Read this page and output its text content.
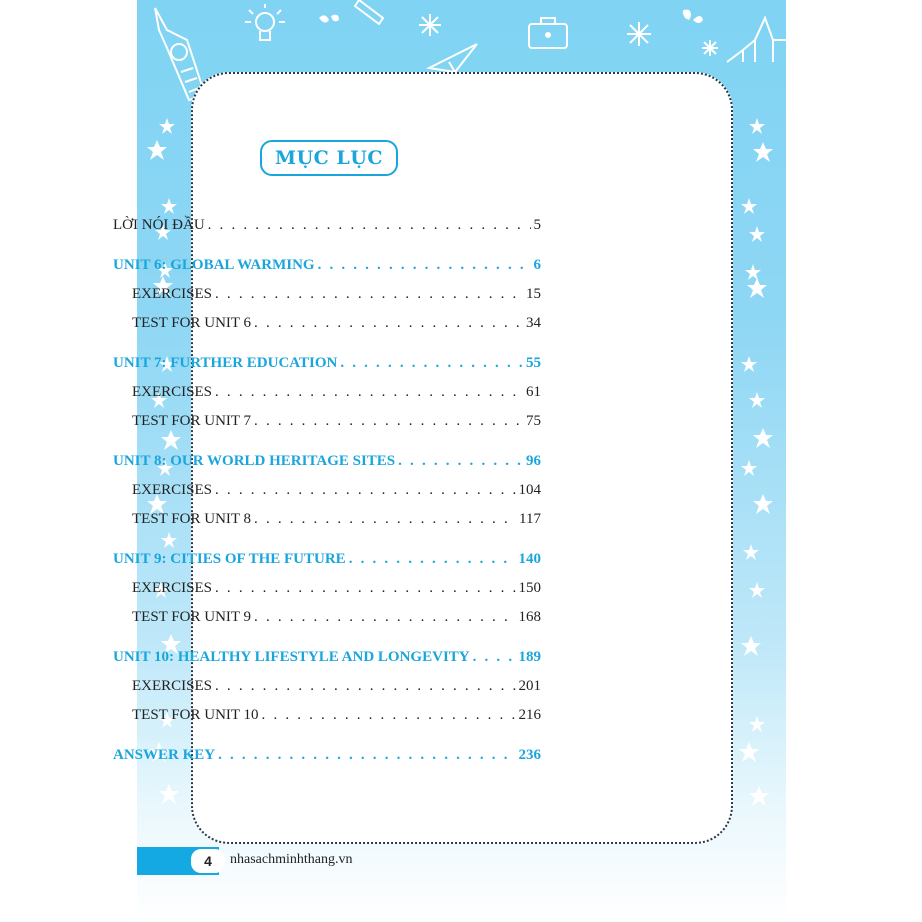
MỤC LỤC
LỜI NÓI ĐẦU . . .	5
UNIT 6: GLOBAL WARMING . . .	6
EXERCISES . . .	15
TEST FOR UNIT 6 . . .	34
UNIT 7: FURTHER EDUCATION . . .	55
EXERCISES . . .	61
TEST FOR UNIT 7 . . .	75
UNIT 8: OUR WORLD HERITAGE SITES . . .	96
EXERCISES . . .	104
TEST FOR UNIT 8 . . .	117
UNIT 9: CITIES OF THE FUTURE . . .	140
EXERCISES . . .	150
TEST FOR UNIT 9 . . .	168
UNIT 10: HEALTHY LIFESTYLE AND LONGEVITY . . .	189
EXERCISES . . .	201
TEST FOR UNIT 10 . . .	216
ANSWER KEY . . .	236
4	nhasachminhthang.vn
